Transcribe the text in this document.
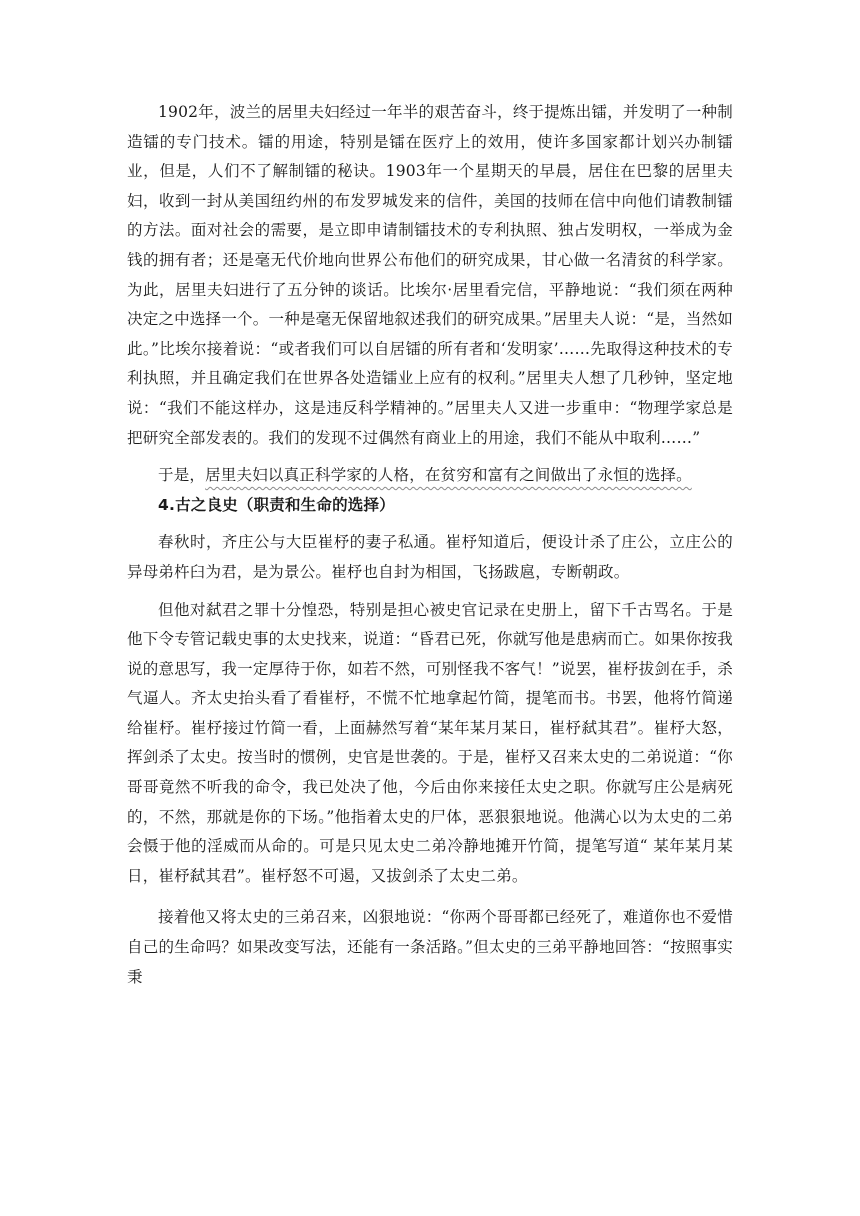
1902年，波兰的居里夫妇经过一年半的艰苦奋斗，终于提炼出镭，并发明了一种制造镭的专门技术。镭的用途，特别是镭在医疗上的效用，使许多国家都计划兴办制镭业，但是，人们不了解制镭的秘诀。1903年一个星期天的早晨，居住在巴黎的居里夫妇，收到一封从美国纽约州的布发罗城发来的信件，美国的技师在信中向他们请教制镭的方法。面对社会的需要，是立即申请制镭技术的专利执照、独占发明权，一举成为金钱的拥有者；还是毫无代价地向世界公布他们的研究成果，甘心做一名清贫的科学家。为此，居里夫妇进行了五分钟的谈话。比埃尔·居里看完信，平静地说：“我们须在两种决定之中选择一个。一种是毫无保留地叙述我们的研究成果。”居里夫人说：“是，当然如此。”比埃尔接着说：“或者我们可以自居镭的所有者和‘发明家’……先取得这种技术的专利执照，并且确定我们在世界各处造镭业上应有的权利。”居里夫人想了几秒钟，坚定地说：“我们不能这样办，这是违反科学精神的。”居里夫人又进一步重申：“物理学家总是把研究全部发表的。我们的发现不过偶然有商业上的用途，我们不能从中取利……”

于是，居里夫妇以真正科学家的人格，在贫穷和富有之间做出了永恒的选择。

4.古之良史（职责和生命的选择）

春秋时，齐庄公与大臣崔杼的妻子私通。崔杼知道后，便设计杀了庄公，立庄公的异母弟杵臼为君，是为景公。崔杼也自封为相国，飞扬跋扈，专断朝政。

但他对弑君之罪十分惶恐，特别是担心被史官记录在史册上，留下千古骂名。于是他下令专管记载史事的太史找来，说道：“昏君已死，你就写他是患病而亡。如果你按我说的意思写，我一定厚待于你，如若不然，可别怪我不客气！”说罢，崔杼拔剑在手，杀气逼人。齐太史抬头看了看崔杼，不慌不忙地拿起竹简，提笔而书。书罢，他将竹简递给崔杼。崔杼接过竹简一看，上面赫然写着“某年某月某日，崔杼弑其君”。崔杼大怒，挥剑杀了太史。按当时的惯例，史官是世袭的。于是，崔杼又召来太史的二弟说道：“你哥哥竟然不听我的命令，我已处决了他，今后由你来接任太史之职。你就写庄公是病死的，不然，那就是你的下场。”他指着太史的尸体，恶狠狠地说。他满心以为太史的二弟会慑于他的淫威而从命的。可是只见太史二弟冷静地摊开竹简，提笔写道“ 某年某月某日，崔杼弑其君”。崔杼怒不可遏，又拔剑杀了太史二弟。

接着他又将太史的三弟召来，凶狠地说：“你两个哥哥都已经死了，难道你也不爱惜自己的生命吗？如果改变写法，还能有一条活路。”但太史的三弟平静地回答：“按照事实秉
